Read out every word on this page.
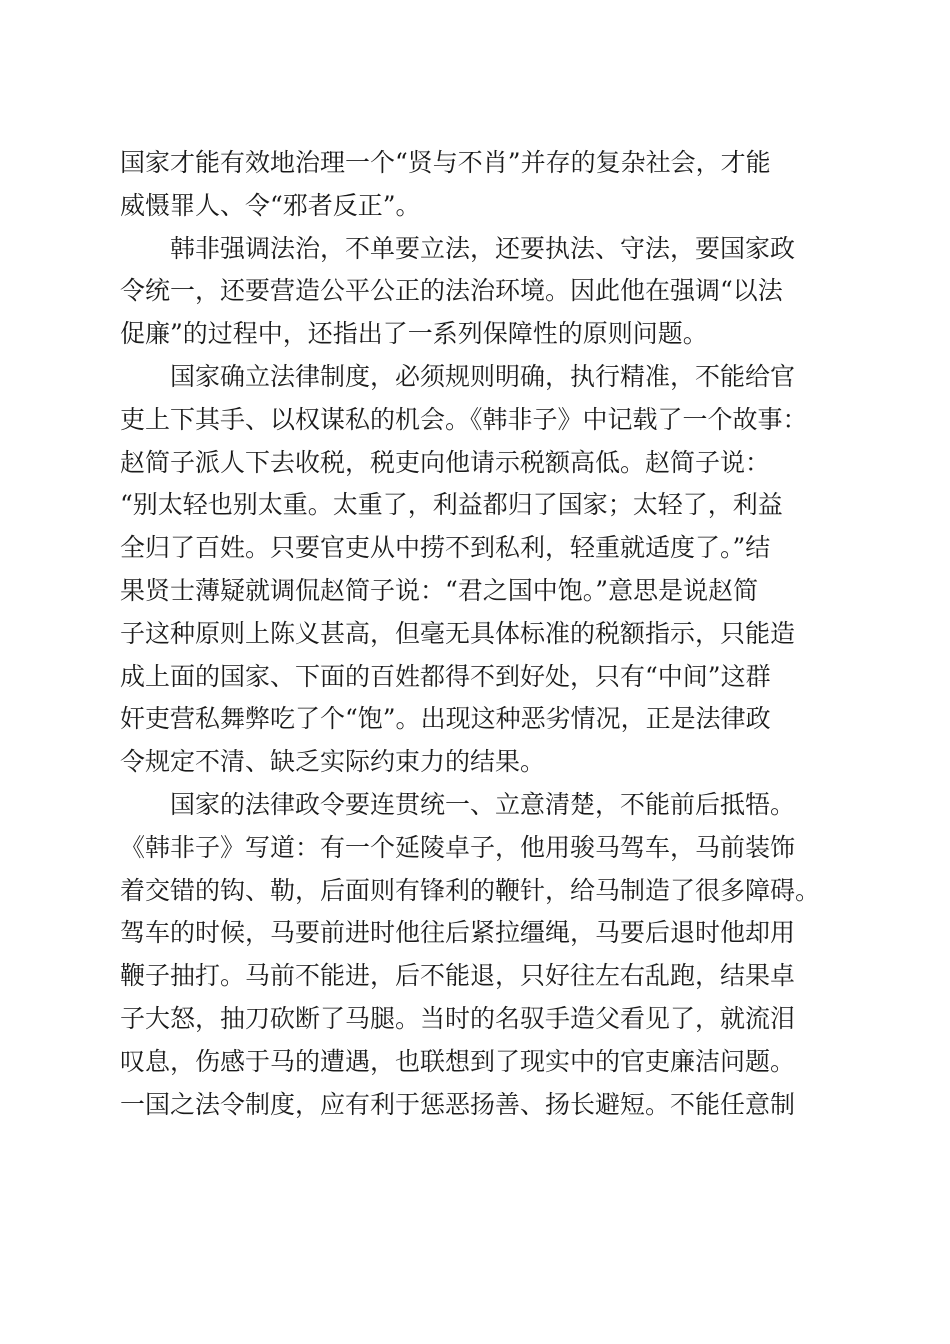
国家才能有效地治理一个“贤与不肖”并存的复杂社会，才能
威慑罪人、令“邪者反正”。
　　韩非强调法治，不单要立法，还要执法、守法，要国家政
令统一，还要营造公平公正的法治环境。因此他在强调“以法
促廉”的过程中，还指出了一系列保障性的原则问题。
　　国家确立法律制度，必须规则明确，执行精准，不能给官
吏上下其手、以权谋私的机会。《韩非子》中记载了一个故事：
赵简子派人下去收税，税吏向他请示税额高低。赵简子说：
“别太轻也别太重。太重了，利益都归了国家；太轻了，利益
全归了百姓。只要官吏从中捞不到私利，轻重就适度了。”结
果贤士薄疑就调侃赵简子说：“君之国中饱。”意思是说赵简
子这种原则上陈义甚高，但毫无具体标准的税额指示，只能造
成上面的国家、下面的百姓都得不到好处，只有“中间”这群
奸吏营私舞弊吃了个“饱”。出现这种恶劣情况，正是法律政
令规定不清、缺乏实际约束力的结果。
　　国家的法律政令要连贯统一、立意清楚，不能前后抵牾。
《韩非子》写道：有一个延陵卓子，他用骏马驾车，马前装饰
着交错的钩、勒，后面则有锋利的鞭针，给马制造了很多障碍。
驾车的时候，马要前进时他往后紧拉缰绳，马要后退时他却用
鞭子抽打。马前不能进，后不能退，只好往左右乱跑，结果卓
子大怒，抽刀砍断了马腿。当时的名驭手造父看见了，就流泪
叹息，伤感于马的遭遇，也联想到了现实中的官吏廉洁问题。
一国之法令制度，应有利于惩恶扬善、扬长避短。不能任意制
